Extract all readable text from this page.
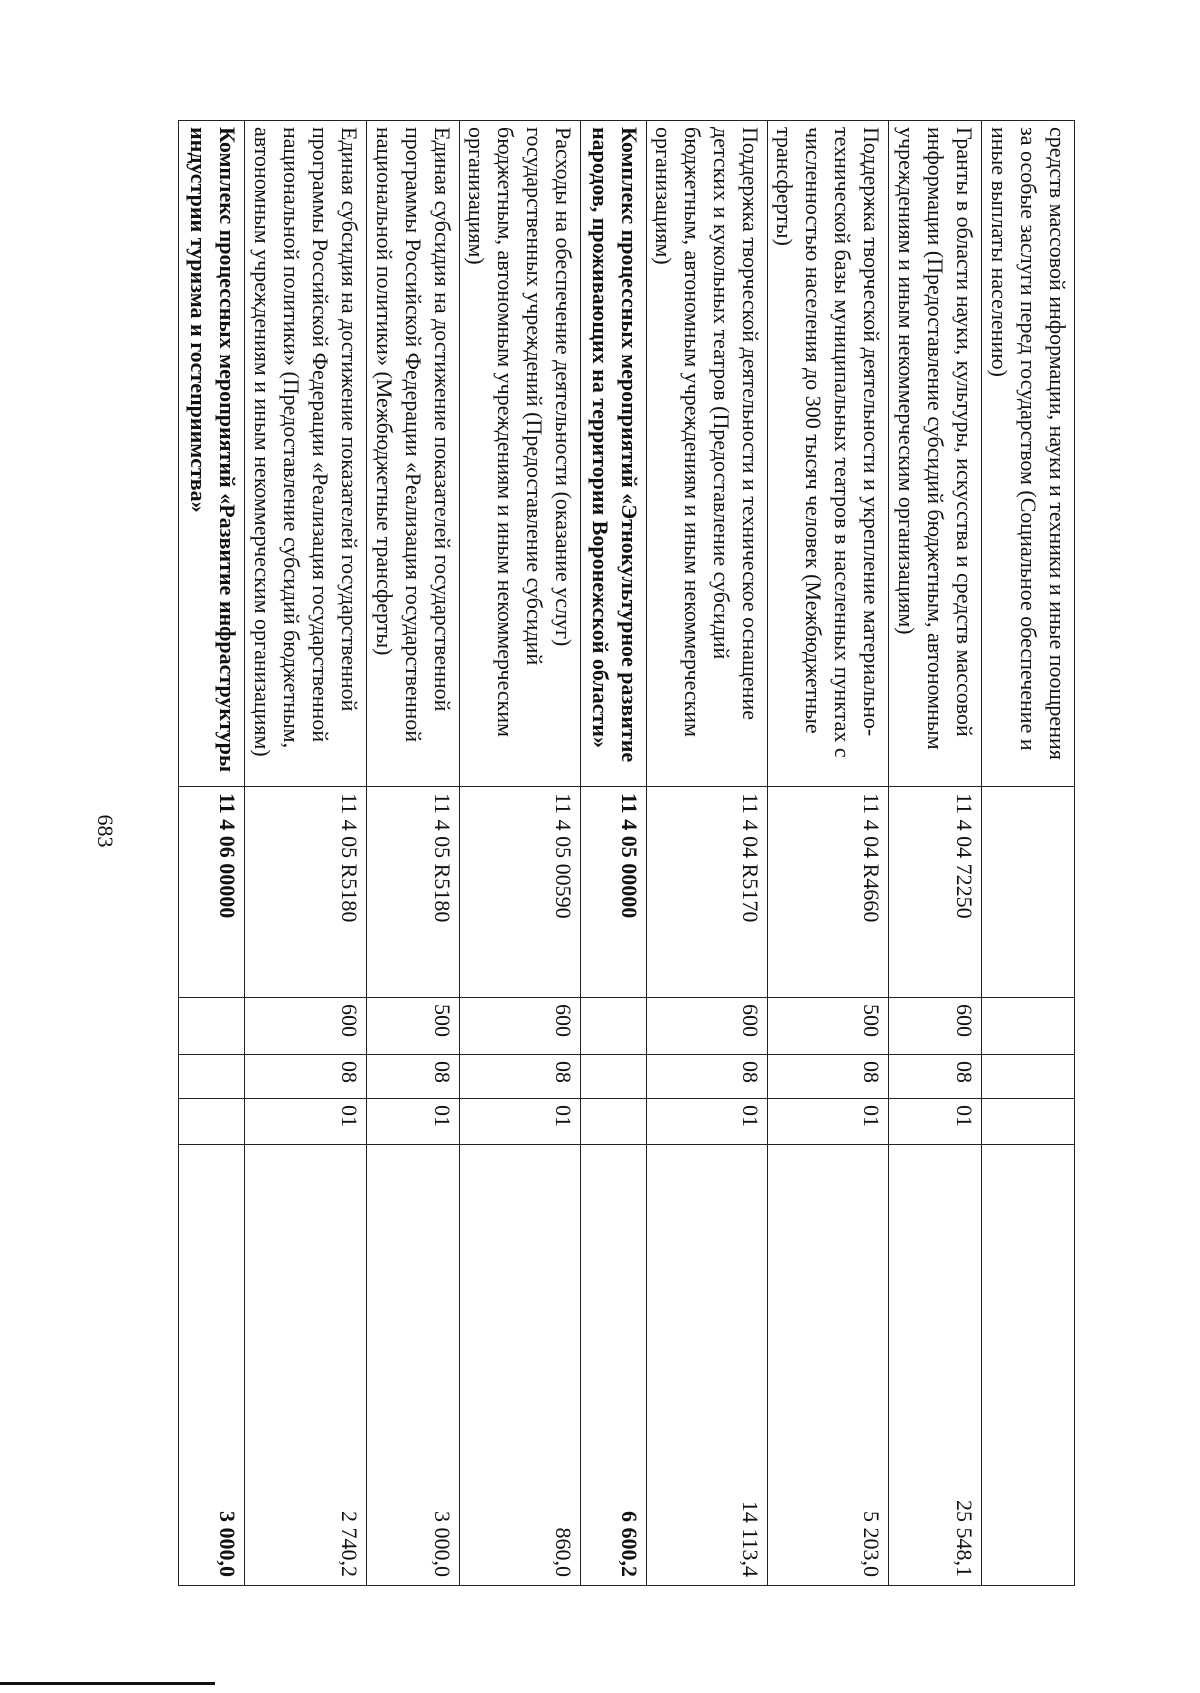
683
средств массовой информации, науки и техники и иные поощрения за особые заслуги перед государством (Социальное обеспечение и иные выплаты населению)					
Гранты в области науки, культуры, искусства и средств массовой информации (Предоставление субсидий бюджетным, автономным учреждениям и иным некоммерческим организациям)	11 4 04 72250	600	08	01	25 548,1
Поддержка творческой деятельности и укрепление материально-технической базы муниципальных театров в населенных пунктах с численностью населения до 300 тысяч человек (Межбюджетные трансферты)	11 4 04 R4660	500	08	01	5 203,0
Поддержка творческой деятельности и техническое оснащение детских и кукольных театров (Предоставление субсидий бюджетным, автономным учреждениям и иным некоммерческим организациям)	11 4 04 R5170	600	08	01	14 113,4
Комплекс процессных мероприятий «Этнокультурное развитие народов, проживающих на территории Воронежской области»	11 4 05 00000				6 600,2
Расходы на обеспечение деятельности (оказание услуг) государственных учреждений (Предоставление субсидий бюджетным, автономным учреждениям и иным некоммерческим организациям)	11 4 05 00590	600	08	01	860,0
Единая субсидия на достижение показателей государственной программы Российской Федерации «Реализация государственной национальной политики» (Межбюджетные трансферты)	11 4 05 R5180	500	08	01	3 000,0
Единая субсидия на достижение показателей государственной программы Российской Федерации «Реализация государственной национальной политики» (Предоставление субсидий бюджетным, автономным учреждениям и иным некоммерческим организациям)	11 4 05 R5180	600	08	01	2 740,2
Комплекс процессных мероприятий «Развитие инфраструктуры индустрии туризма и гостеприимства»	11 4 06 00000				3 000,0
